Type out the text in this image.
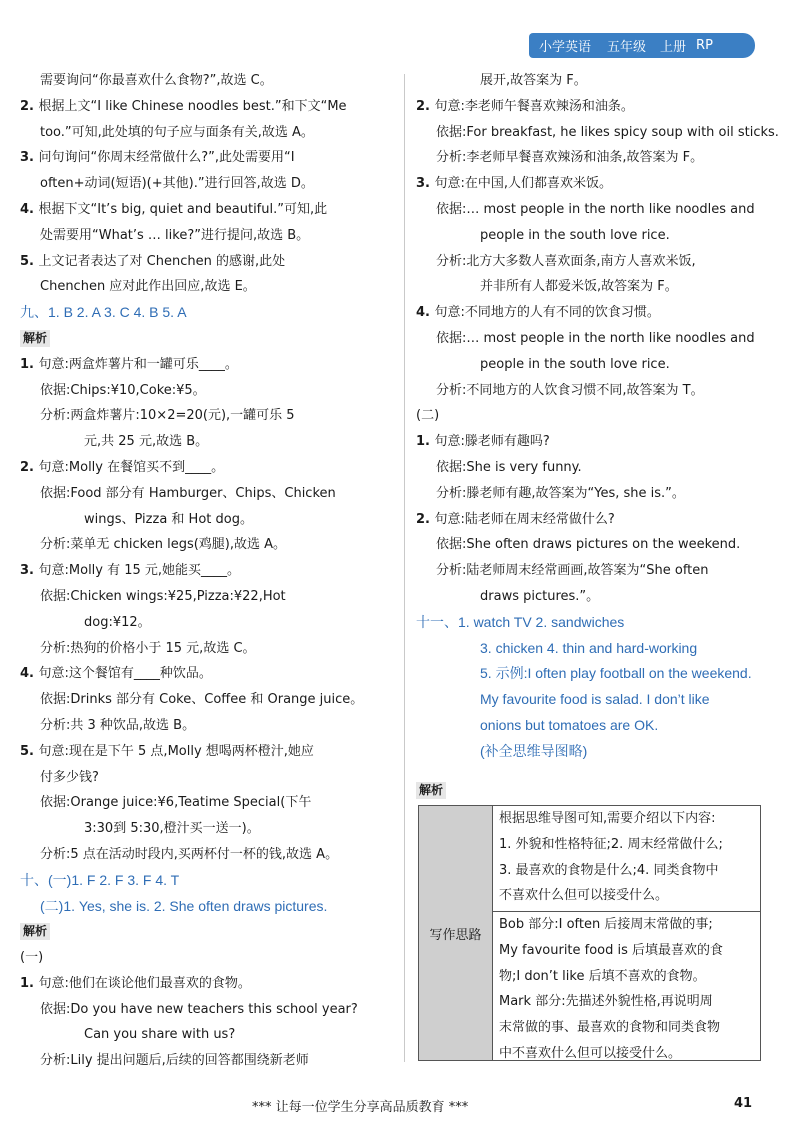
小学英语 五年级 上册 RP
需要询问“你最喜欢什么食物?”,故选 C。
2. 根据上文“I like Chinese noodles best.”和下文“Me
too.”可知,此处填的句子应与面条有关,故选 A。
3. 问句询问“你周末经常做什么?”,此处需要用“I
often+动词(短语)(+其他).”进行回答,故选 D。
4. 根据下文“It’s big, quiet and beautiful.”可知,此
处需要用“What’s … like?”进行提问,故选 B。
5. 上文记者表达了对 Chenchen 的感谢,此处
Chenchen 应对此作出回应,故选 E。
九、1. B 2. A 3. C 4. B 5. A
解析
1. 句意:两盒炸薯片和一罐可乐____。
依据:Chips:¥10,Coke:¥5。
分析:两盒炸薯片:10×2=20(元),一罐可乐 5
元,共 25 元,故选 B。
2. 句意:Molly 在餐馆买不到____。
依据:Food 部分有 Hamburger、Chips、Chicken
wings、Pizza 和 Hot dog。
分析:菜单无 chicken legs(鸡腿),故选 A。
3. 句意:Molly 有 15 元,她能买____。
依据:Chicken wings:¥25,Pizza:¥22,Hot
dog:¥12。
分析:热狗的价格小于 15 元,故选 C。
4. 句意:这个餐馆有____种饮品。
依据:Drinks 部分有 Coke、Coffee 和 Orange juice。
分析:共 3 种饮品,故选 B。
5. 句意:现在是下午 5 点,Molly 想喝两杯橙汁,她应
付多少钱?
依据:Orange juice:¥6,Teatime Special(下午
3:30到 5:30,橙汁买一送一)。
分析:5 点在活动时段内,买两杯付一杯的钱,故选 A。
十、(一)1. F 2. F 3. F 4. T
(二)1. Yes, she is. 2. She often draws pictures.
解析
(一)
1. 句意:他们在谈论他们最喜欢的食物。
依据:Do you have new teachers this school year?
Can you share with us?
分析:Lily 提出问题后,后续的回答都围绕新老师
展开,故答案为 F。
2. 句意:李老师午餐喜欢辣汤和油条。
依据:For breakfast, he likes spicy soup with oil sticks.
分析:李老师早餐喜欢辣汤和油条,故答案为 F。
3. 句意:在中国,人们都喜欢米饭。
依据:… most people in the north like noodles and
people in the south love rice.
分析:北方大多数人喜欢面条,南方人喜欢米饭,
并非所有人都爱米饭,故答案为 F。
4. 句意:不同地方的人有不同的饮食习惯。
依据:… most people in the north like noodles and
people in the south love rice.
分析:不同地方的人饮食习惯不同,故答案为 T。
(二)
1. 句意:滕老师有趣吗?
依据:She is very funny.
分析:滕老师有趣,故答案为“Yes, she is.”。
2. 句意:陆老师在周末经常做什么?
依据:She often draws pictures on the weekend.
分析:陆老师周末经常画画,故答案为“She often
draws pictures.”。
十一、1. watch TV 2. sandwiches
3. chicken 4. thin and hard-working
5. 示例:I often play football on the weekend.
My favourite food is salad. I don’t like
onions but tomatoes are OK.
(补全思维导图略)
解析
写作思路
根据思维导图可知,需要介绍以下内容:
1. 外貌和性格特征;2. 周末经常做什么;
3. 最喜欢的食物是什么;4. 同类食物中
不喜欢什么但可以接受什么。
Bob 部分:I often 后接周末常做的事;
My favourite food is 后填最喜欢的食
物;I don’t like 后填不喜欢的食物。
Mark 部分:先描述外貌性格,再说明周
末常做的事、最喜欢的食物和同类食物
中不喜欢什么但可以接受什么。
*** 让每一位学生分享高品质教育 ***	41
